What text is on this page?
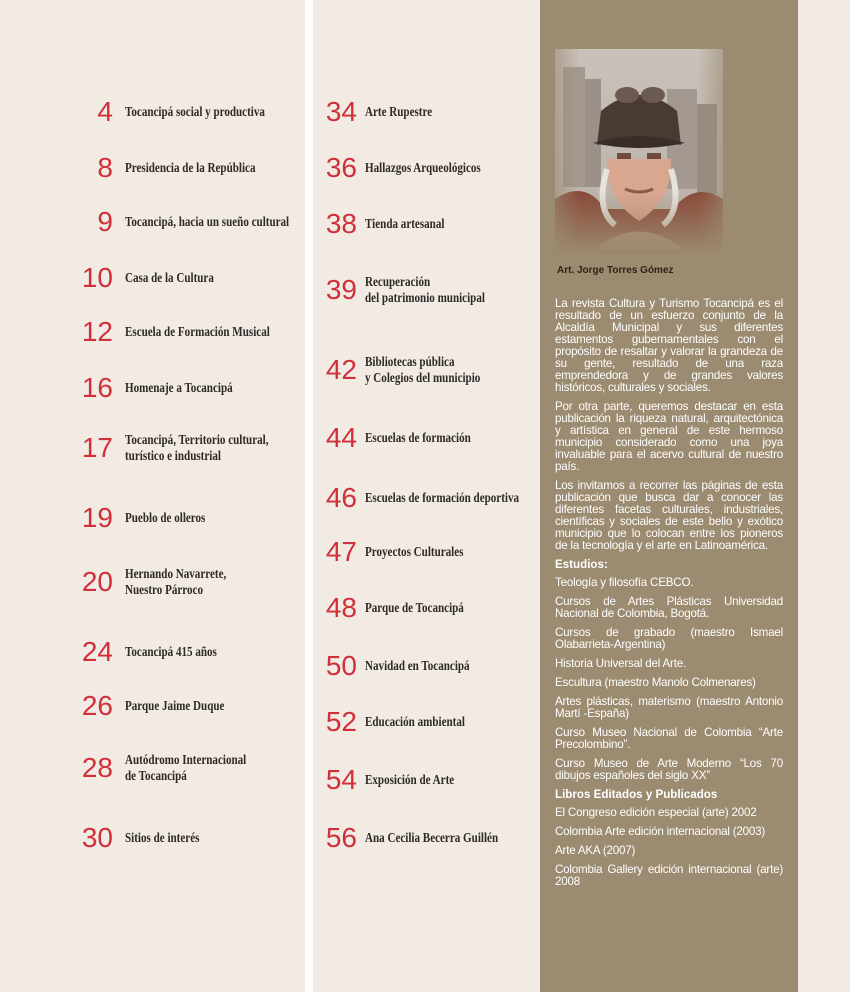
4 Tocancipá social y productiva
8 Presidencia de la República
9 Tocancipá, hacia un sueño cultural
10 Casa de la Cultura
12 Escuela de Formación Musical
16 Homenaje a Tocancipá
17 Tocancipá, Territorio cultural,
turístico e industrial
19 Pueblo de olleros
20 Hernando Navarrete,
Nuestro Párroco
24 Tocancipá 415 años
26 Parque Jaime Duque
28 Autódromo Internacional
de Tocancipá
30 Sitios de interés
34 Arte Rupestre
36 Hallazgos Arqueológicos
38 Tienda artesanal
39 Recuperación
del patrimonio municipal
42 Bibliotecas pública
y Colegios del municipio
44 Escuelas de formación
46 Escuelas de formación deportiva
47 Proyectos Culturales
48 Parque de Tocancipá
50 Navidad en Tocancipá
52 Educación ambiental
54 Exposición de Arte
56 Ana Cecilia Becerra Guillén
Art. Jorge Torres Gómez

La revista Cultura y Turismo Tocancipá es el resultado de un esfuerzo conjunto de la Alcaldía Municipal y sus diferentes estamentos gubernamentales con el propósito de resaltar y valorar la grandeza de su gente, resultado de una raza emprendedora y de grandes valores históricos, culturales y sociales.

Por otra parte, queremos destacar en esta publicación la riqueza natural, arquitectónica y artística en general de este hermoso municipio considerado como una joya invaluable para el acervo cultural de nuestro país.

Los invitamos a recorrer las páginas de esta publicación que busca dar a conocer las diferentes facetas culturales, industriales, científicas y sociales de este bello y exótico municipio que lo colocan entre los pioneros de la tecnología y el arte en Latinoamérica.

Estudios:
Teología y filosofía CEBCO.
Cursos de Artes Plásticas Universidad Nacional de Colombia, Bogotá.
Cursos de grabado (maestro Ismael Olabarrieta-Argentina)
Historia Universal del Arte.
Escultura (maestro Manolo Colmenares)
Artes plásticas, materismo (maestro Antonio Martí -España)
Curso Museo Nacional de Colombia “Arte Precolombino”.
Curso Museo de Arte Moderno “Los 70 dibujos españoles del siglo XX”
Libros Editados y Publicados
El Congreso edición especial (arte) 2002
Colombia Arte edición internacional (2003)
Arte AKA (2007)
Colombia Gallery edición internacional (arte) 2008
